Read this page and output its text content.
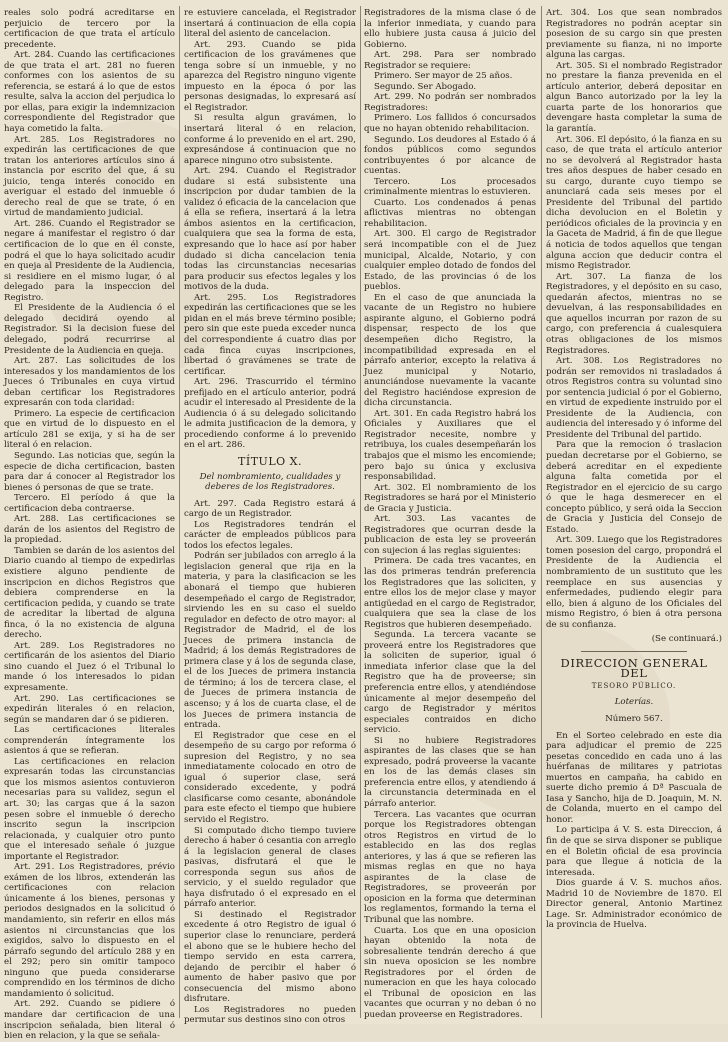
reales solo podrá acreditarse en perjuicio de tercero por la certificacion de que trata el artículo precedente.

Art. 284. Cuando las certificaciones de que trata el art. 281 no fueren conformes con los asientos de su referencia, se estará á lo que de estos resulte, salva la accion del perjudica lo por ellas, para exigir la indemnizacion correspondiente del Registrador que haya cometido la falta.

Art. 285. Los Registradores no expedirán las certificaciones de que tratan los anteriores artículos sino á instancia por escrito del que, á su juicio, tenga interés conocido en averiguar el estado del inmueble ó derecho real de que se trate, ó en virtud de mandamiento judicial.

Art. 286. Cuando el Registrador se negare á manifestar el registro ó dar certificacion de lo que en él conste, podrá el que lo haya solicitado acudir en queja al Presidente de la Audiencia, si residiere en el mismo lugar, ó al delegado para la inspeccion del Registro.

El Presidente de la Audiencia ó el delegado decidirá oyendo al Registrador. Si la decision fuese del delegado, podrá recurrirse al Presidente de la Audiencia en queja.

Art. 287. Las solicitudes de los interesados y los mandamientos de los Jueces ó Tribunales en cuya virtud deban certificar los Registradores expresarán con toda claridad:

Primero. La especie de certificacion que en virtud de lo dispuesto en el artículo 281 se exija, y si ha de ser literal ó en relacion.

Segundo. Las noticias que, según la especie de dicha certificacion, basten para dar á conocer al Registrador los bienes ó personas de que se trate.

Tercero. El período á que la certificacion deba contraerse.

Art. 288. Las certificaciones se darán de los asientos del Registro de la propiedad.

Tambien se darán de los asientos del Diario cuando al tiempo de expedirlas existiere alguno pendiente de inscripcion en dichos Registros que debiera comprenderse en la certificacion pedida, y cuando se trate de acreditar la libertad de alguna finca, ó la no existencia de alguna derecho.

Art. 289. Los Registradores no certificarán de los asientos del Diario sino cuando el Juez ó el Tribunal lo mande ó los interesados lo pidan expresamente.

Art. 290. Las certificaciones se expedirán literales ó en relacion, según se mandaren dar ó se pidieren.

Las certificaciones literales comprenderán íntegramente los asientos á que se refieran.

Las certificaciones en relacion expresarán todas las circunstancias que los mismos asientos contuvieron necesarias para su validez, segun el art. 30; las cargas que á la sazon pesen sobre el inmueble ó derecho inscrito segun la inscripcion relacionada, y cualquier otro punto que el interesado señale ó juzgue importante el Registrador.

Art. 291. Los Registradores, prévio exámen de los libros, extenderán las certificaciones con relacion únicamente á los bienes, personas y periodos designados en la solicitud ó mandamiento, sin referir en ellos más asientos ni circunstancias que los exigidos, salvo lo dispuesto en el párrafo segundo del artículo 288 y en el 292; pero sin omitir tampoco ninguno que pueda considerarse comprendido en los términos de dicho mandamiento ó solicitud.

Art. 292. Cuando se pidiere ó mandare dar certificacion de una inscripcion señalada, bien literal ó bien en relacion, y la que se señala-

re estuviere cancelada, el Registrador insertará á continuacion de ella copia literal del asiento de cancelacion.

Art. 293. Cuando se pida certificacion de los gravámenes que tenga sobre sí un inmueble, y no aparezca del Registro ninguno vigente impuesto en la época ó por las personas designadas, lo expresará así el Registrador.

Si resulta algun gravámen, lo insertará literal ó en relacion, conforme á lo prevenido en el art. 290, expresándose á continuacion que no aparece ninguno otro subsistente.

Art. 294. Cuando el Registrador dudare si está subsistente una inscripcion por dudar tambien de la validez ó eficacia de la cancelacion que á ella se refiera, insertará á la letra ámbos asientos en la certificacion, cualquiera que sea la forma de esta, expresando que lo hace así por haber dudado si dicha cancelacion tenia todas las circunstancias necesarias para producir sus efectos legales y los motivos de la duda.

Art. 295. Los Registradores expedirán las certificaciones que se les pidan en el más breve término posible; pero sin que este pueda exceder nunca del correspondiente á cuatro dias por cada finca cuyas inscripciones, libertad ó gravámenes se trate de certificar.

Art. 296. Trascurrido el término prefijado en el artículo anterior, podrá acudir el interesado al Presidente de la Audiencia ó á su delegado solicitando le admita justificacion de la demora, y procediendo conforme á lo prevenido en el art. 286.

TÍTULO X.

Del nombramiento, cualidades y deberes de los Registradores.

Art. 297. Cada Registro estará á cargo de un Registrador.

Los Registradores tendrán el carácter de empleados públicos para todos los efectos legales.

Podrán ser jubilados con arreglo á la legislacion general que rija en la materia, y para la clasificacion se les abonará el tiempo que hubieren desempeñado el cargo de Registrador, sirviendo les en su caso el sueldo regulador en defecto de otro mayor: al Registrador de Madrid, el de los Jueces de primera instancia de Madrid; á los demás Registradores de primera clase y á los de segunda clase, el de los Jueces de primera instancia de término; á los de tercera clase, el de Jueces de primera instancia de ascenso; y á los de cuarta clase, el de los Jueces de primera instancia de entrada.

El Registrador que cese en el desempeño de su cargo por reforma ó supresion del Registro, y no sea inmediatamente colocado en otro de igual ó superior clase, será considerado excedente, y podrá clasificarse como cesante, abonándole para este efecto el tiempo que hubiere servido el Registro.

Si computado dicho tiempo tuviere derecho á haber ó cesantia con arreglo á la legislacion general de clases pasivas, disfrutará el que le corresponda segun sus años de servicio, y el sueldo regulador que haya disfrutado ó el expresado en el párrafo anterior.

Si destinado el Registrador excedente á otro Registro de igual ó superior clase lo renunciare, perderá el abono que se le hubiere hecho del tiempo servido en esta carrera, dejando de percibir el haber ó aumento de haber pasivo que por consecuencia del mismo abono disfrutare.

Los Registradores no pueden permutar sus destinos sino con otros

Registradores de la misma clase ó de la inferior inmediata, y cuando para ello hubiere justa causa á juicio del Gobierno.

Art. 298. Para ser nombrado Registrador se requiere:

Primero. Ser mayor de 25 años.

Segundo. Ser Abogado.

Art. 299. No podrán ser nombrados Registradores:

Primero. Los fallidos ó concursados que no hayan obtenido rehabilitacion.

Segundo. Los deudores al Estado ó á fondos públicos como segundos contribuyentes ó por alcance de cuentas.

Tercero. Los procesados criminalmente mientras lo estuvieren.

Cuarto. Los condenados á penas aflictivas mientras no obtengan rehabilitacion.

Art. 300. El cargo de Registrador será incompatible con el de Juez municipal, Alcalde, Notario, y con cualquier empleo dotado de fondos del Estado, de las provincias ó de los pueblos.

En el caso de que anunciada la vacante de un Registro no hubiere aspirante alguno, el Gobierno podrá dispensar, respecto de los que desempeñen dicho Registro, la incompatibilidad expresada en el párrafo anterior, excepto la relativa á Juez municipal y Notario, anunciándose nuevamente la vacante del Registro haciéndose expresion de dicha circunstancia.

Art. 301. En cada Registro habrá los Oficiales y Auxiliares que el Registrador necesite, nombre y retribuya, los cuales desempeñarán los trabajos que el mismo les encomiende; pero bajo su única y exclusiva responsabilidad.

Art. 302. El nombramiento de los Registradores se hará por el Ministerio de Gracia y Justicia.

Art. 303. Las vacantes de Registradores que ocurran desde la publicacion de esta ley se proveerán con sujecion á las reglas siguientes:

Primera. De cada tres vacantes, en las dos primeras tendrán preferencia los Registradores que las soliciten, y entre ellos los de mejor clase y mayor antigüedad en el cargo de Registrador, cualquiera que sea la clase de los Registros que hubieren desempeñado.

Segunda. La tercera vacante se proveerá entre los Registradores que la soliciten de superior, igual ó inmediata inferior clase que la del Registro que ha de proveerse; sin preferencia entre ellos, y atendiéndose únicamente al mejor desempeño del cargo de Registrador y méritos especiales contraidos en dicho servicio.

Si no hubiere Registradores aspirantes de las clases que se han expresado, podrá proveerse la vacante en los de las demás clases sin preferencia entre ellos, y atendiendo á la circunstancia determinada en el párrafo anterior.

Tercera. Las vacantes que ocurran porque los Registradores obtengan otros Registros en virtud de lo establecido en las dos reglas anteriores, y las á que se refieren las mismas reglas en que no haya aspirantes de la clase de Registradores, se proveerán por oposicion en la forma que determinan los reglamentos, formando la terna el Tribunal que las nombre.

Cuarta. Los que en una oposicion hayan obtenido la nota de sobresaliente tendrán derecho á que sin nueva oposicion se les nombre Registradores por el órden de numeracion en que les haya colocado el Tribunal de oposicion en las vacantes que ocurran y no deban ó no puedan proveerse en Registradores.

Art. 304. Los que sean nombrados Registradores no podrán aceptar sin posesion de su cargo sin que presten previamente su fianza, ni no importe alguna las cargas.

Art. 305. Si el nombrado Registrador no prestare la fianza prevenida en el artículo anterior, deberá depositar en algun Banco autorizado por la ley la cuarta parte de los honorarios que devengare hasta completar la suma de la garantía.

Art. 306. El depósito, ó la fianza en su caso, de que trata el artículo anterior no se devolverá al Registrador hasta tres años despues de haber cesado en su cargo, durante cuyo tiempo se anunciará cada seis meses por el Presidente del Tribunal del partido dicha devolucion en el Boletin y periódicos oficiales de la provincia y en la Gaceta de Madrid, á fin de que llegue á noticia de todos aquellos que tengan alguna accion que deducir contra el mismo Registrador.

Art. 307. La fianza de los Registradores, y el depósito en su caso, quedarán afectos, mientras no se devuelvan, á las responsabilidades en que aquellos incurran por razon de su cargo, con preferencia á cualesquiera otras obligaciones de los mismos Registradores.

Art. 308. Los Registradores no podrán ser removidos ni trasladados á otros Registros contra su voluntad sino por sentencia judicial ó por el Gobierno, en virtud de expediente instruido por el Presidente de la Audiencia, con audiencia del interesado y ó informe del Presidente del Tribunal del partido.

Para que la remocion ó traslacion puedan decretarse por el Gobierno, se deberá acreditar en el expediente alguna falta cometida por el Registrador en el ejercicio de su cargo ó que le haga desmerecer en el concepto público, y será oida la Seccion de Gracia y Justicia del Consejo de Estado.

Art. 309. Luego que los Registradores tomen posesion del cargo, propondrá el Presidente de la Audiencia el nombramiento de un sustituto que les reemplace en sus ausencias y enfermedades, pudiendo elegir para ello, bien á alguno de los Oficiales del mismo Registro, ó bien á otra persona de su confianza.

(Se continuará.)

DIRECCION GENERAL DEL

TESORO PÚBLICO.

Loterías.

Número 567.

En el Sorteo celebrado en este dia para adjudicar el premio de 225 pesetas concedido en cada uno á las huérfanas de militares y patriotas muertos en campaña, ha cabido en suerte dicho premio á Dª Pascuala de Iasa y Sancho, hija de D. Joaquin, M. N. de Colanda, muerto en el campo del honor.

Lo participa á V. S. esta Direccion, á fin de que se sirva disponer se publique en el Boletin oficial de esa provincia para que llegue á noticia de la interesada.

Dios guarde á V. S. muchos años. Madrid 10 de Noviembre de 1870. El Director general, Antonio Martinez Lage. Sr. Administrador económico de la provincia de Huelva.
